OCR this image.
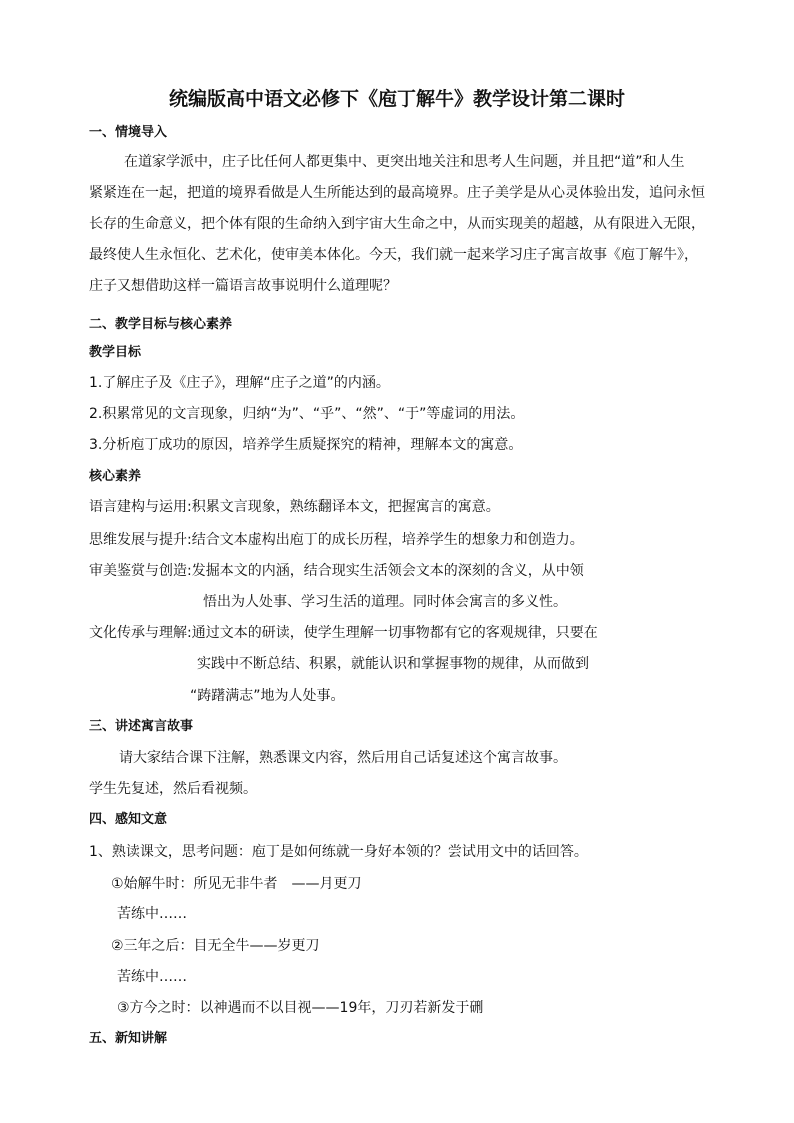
统编版高中语文必修下《庖丁解牛》教学设计第二课时
一、情境导入
在道家学派中，庄子比任何人都更集中、更突出地关注和思考人生问题，并且把“道”和人生
紧紧连在一起，把道的境界看做是人生所能达到的最高境界。庄子美学是从心灵体验出发，追问永恒
长存的生命意义，把个体有限的生命纳入到宇宙大生命之中，从而实现美的超越，从有限进入无限，
最终使人生永恒化、艺术化，使审美本体化。今天，我们就一起来学习庄子寓言故事《庖丁解牛》，
庄子又想借助这样一篇语言故事说明什么道理呢？
二、教学目标与核心素养
教学目标
1.了解庄子及《庄子》，理解“庄子之道”的内涵。
2.积累常见的文言现象，归纳“为”、“乎”、“然”、“于”等虚词的用法。
3.分析庖丁成功的原因，培养学生质疑探究的精神，理解本文的寓意。
核心素养
语言建构与运用:积累文言现象，熟练翻译本文，把握寓言的寓意。
思维发展与提升:结合文本虚构出庖丁的成长历程，培养学生的想象力和创造力。
审美鉴赏与创造:发掘本文的内涵，结合现实生活领会文本的深刻的含义，从中领
悟出为人处事、学习生活的道理。同时体会寓言的多义性。
文化传承与理解:通过文本的研读，使学生理解一切事物都有它的客观规律，只要在
实践中不断总结、积累，就能认识和掌握事物的规律，从而做到
“踌躇满志”地为人处事。
三、讲述寓言故事
请大家结合课下注解，熟悉课文内容，然后用自己话复述这个寓言故事。
学生先复述，然后看视频。
四、感知文意
1、熟读课文，思考问题：庖丁是如何练就一身好本领的？尝试用文中的话回答。
①始解牛时：所见无非牛者　——月更刀
苦练中……
②三年之后：目无全牛——岁更刀
苦练中……
③方今之时：以神遇而不以目视——19年，刀刃若新发于硎
五、新知讲解
